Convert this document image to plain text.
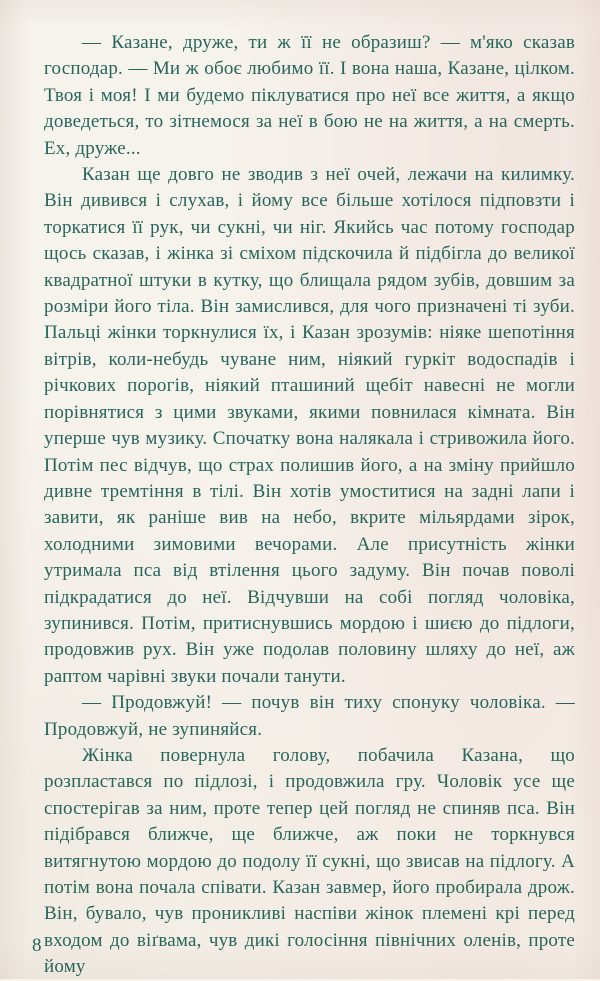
— Казане, друже, ти ж її не образиш? — м'яко сказав господар. — Ми ж обоє любимо її. І вона наша, Казане, цілком. Твоя і моя! І ми будемо піклуватися про неї все життя, а якщо доведеться, то зітнемося за неї в бою не на життя, а на смерть. Ех, друже...

Казан ще довго не зводив з неї очей, лежачи на килимку. Він дивився і слухав, і йому все більше хотілося підповзти і торкатися її рук, чи сукні, чи ніг. Якийсь час потому господар щось сказав, і жінка зі сміхом підскочила й підбігла до великої квадратної штуки в кутку, що блищала рядом зубів, довшим за розміри його тіла. Він замислився, для чого призначені ті зуби. Пальці жінки торкнулися їх, і Казан зрозумів: ніяке шепотіння вітрів, коли-небудь чуване ним, ніякий гуркіт водоспадів і річкових порогів, ніякий пташиний щебіт навесні не могли порівнятися з цими звуками, якими повнилася кімната. Він уперше чув музику. Спочатку вона налякала і стривожила його. Потім пес відчув, що страх полишив його, а на зміну прийшло дивне тремтіння в тілі. Він хотів умоститися на задні лапи і завити, як раніше вив на небо, вкрите мільярдами зірок, холодними зимовими вечорами. Але присутність жінки утримала пса від втілення цього задуму. Він почав поволі підкрадатися до неї. Відчувши на собі погляд чоловіка, зупинився. Потім, притиснувшись мордою і шиєю до підлоги, продовжив рух. Він уже подолав половину шляху до неї, аж раптом чарівні звуки почали танути.

— Продовжуй! — почув він тиху спонуку чоловіка. — Продовжуй, не зупиняйся.

Жінка повернула голову, побачила Казана, що розпластався по підлозі, і продовжила гру. Чоловік усе ще спостерігав за ним, проте тепер цей погляд не спиняв пса. Він підібрався ближче, ще ближче, аж поки не торкнувся витягнутою мордою до подолу її сукні, що звисав на підлогу. А потім вона почала співати. Казан завмер, його пробирала дрож. Він, бувало, чув проникливі наспіви жінок племені крі перед входом до віґвама, чув дикі голосіння північних оленів, проте йому

8
